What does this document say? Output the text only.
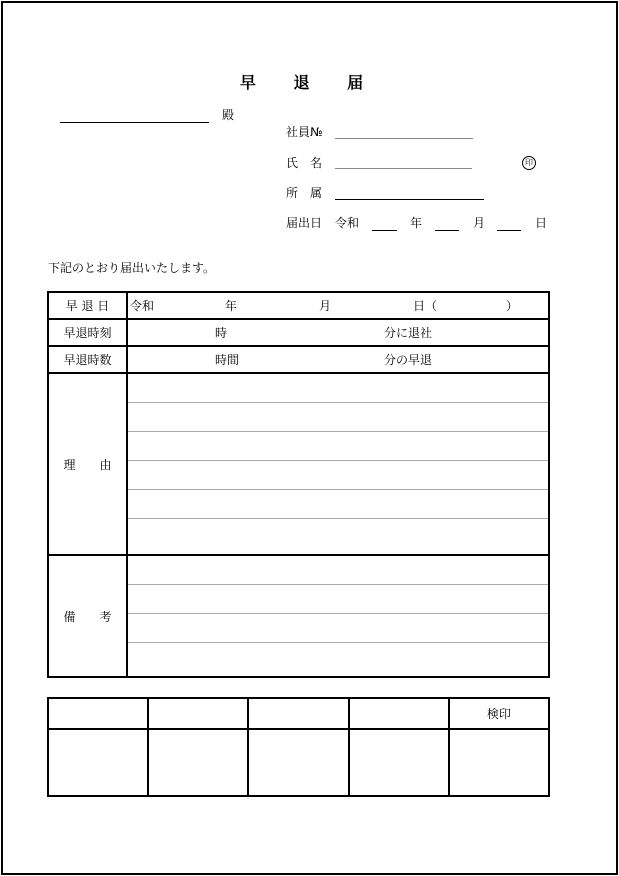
早 退 届
殿
社員№
氏　名	印
所　属
届出日 令和	年	月	日
下記のとおり届出いたします。
早 退 日	令和 年 月 日（ ）

早退時刻	時 分に退社

早退時数	時間 分の早退

理　　由	

備　　考	
				検印
